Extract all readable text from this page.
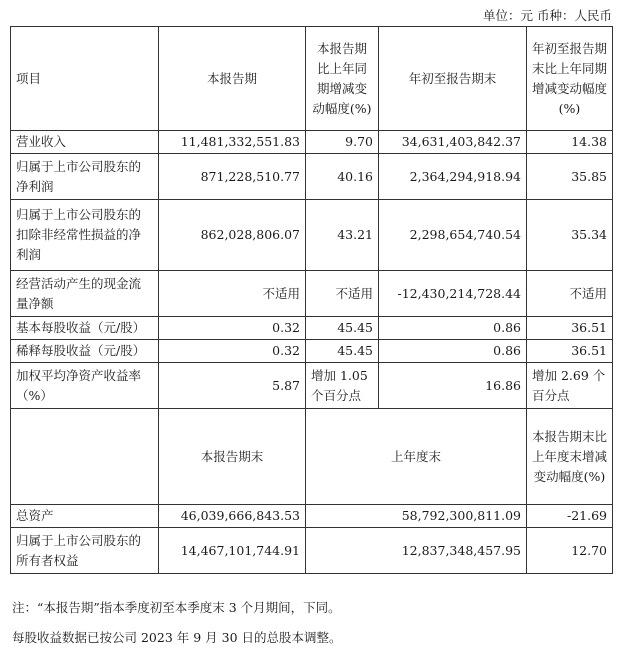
单位：元 币种：人民币
项目	本报告期	本报告期比上年同期增减变动幅度(%)	年初至报告期末	年初至报告期末比上年同期增减变动幅度(%)
营业收入	11,481,332,551.83	9.70	34,631,403,842.37	14.38
归属于上市公司股东的净利润	871,228,510.77	40.16	2,364,294,918.94	35.85
归属于上市公司股东的扣除非经常性损益的净利润	862,028,806.07	43.21	2,298,654,740.54	35.34
经营活动产生的现金流量净额	不适用	不适用	-12,430,214,728.44	不适用
基本每股收益（元/股）	0.32	45.45	0.86	36.51
稀释每股收益（元/股）	0.32	45.45	0.86	36.51
加权平均净资产收益率（%）	5.87	增加 1.05 个百分点	16.86	增加 2.69 个百分点
	本报告期末	上年度末		本报告期末比上年度末增减变动幅度(%)
总资产	46,039,666,843.53	58,792,300,811.09		-21.69
归属于上市公司股东的所有者权益	14,467,101,744.91	12,837,348,457.95		12.70
注：“本报告期”指本季度初至本季度末 3 个月期间，下同。
每股收益数据已按公司 2023 年 9 月 30 日的总股本调整。
